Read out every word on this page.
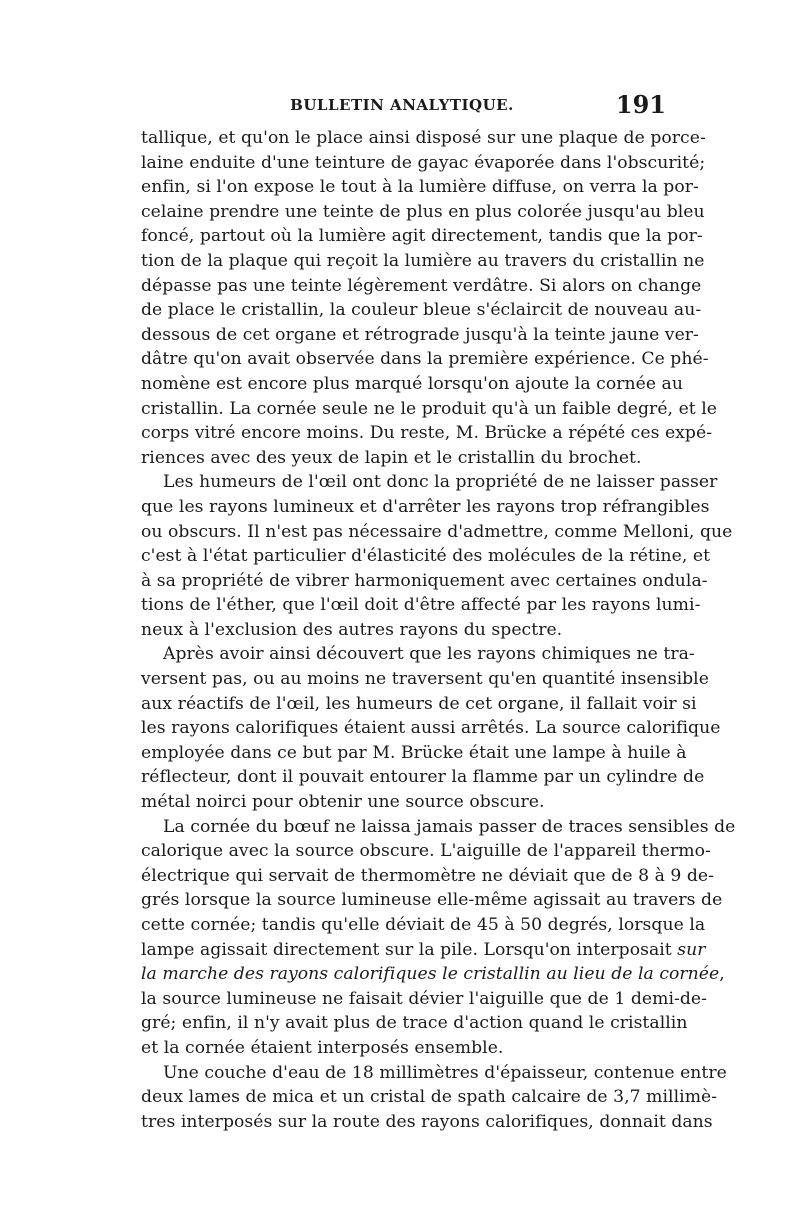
BULLETIN ANALYTIQUE.	191

tallique, et qu'on le place ainsi disposé sur une plaque de porce-
laine enduite d'une teinture de gayac évaporée dans l'obscurité;
enfin, si l'on expose le tout à la lumière diffuse, on verra la por-
celaine prendre une teinte de plus en plus colorée jusqu'au bleu
foncé, partout où la lumière agit directement, tandis que la por-
tion de la plaque qui reçoit la lumière au travers du cristallin ne
dépasse pas une teinte légèrement verdâtre. Si alors on change
de place le cristallin, la couleur bleue s'éclaircit de nouveau au-
dessous de cet organe et rétrograde jusqu'à la teinte jaune ver-
dâtre qu'on avait observée dans la première expérience. Ce phé-
nomène est encore plus marqué lorsqu'on ajoute la cornée au
cristallin. La cornée seule ne le produit qu'à un faible degré, et le
corps vitré encore moins. Du reste, M. Brücke a répété ces expé-
riences avec des yeux de lapin et le cristallin du brochet.

Les humeurs de l'œil ont donc la propriété de ne laisser passer
que les rayons lumineux et d'arrêter les rayons trop réfrangibles
ou obscurs. Il n'est pas nécessaire d'admettre, comme Melloni, que
c'est à l'état particulier d'élasticité des molécules de la rétine, et
à sa propriété de vibrer harmoniquement avec certaines ondula-
tions de l'éther, que l'œil doit d'être affecté par les rayons lumi-
neux à l'exclusion des autres rayons du spectre.

Après avoir ainsi découvert que les rayons chimiques ne tra-
versent pas, ou au moins ne traversent qu'en quantité insensible
aux réactifs de l'œil, les humeurs de cet organe, il fallait voir si
les rayons calorifiques étaient aussi arrêtés. La source calorifique
employée dans ce but par M. Brücke était une lampe à huile à
réflecteur, dont il pouvait entourer la flamme par un cylindre de
métal noirci pour obtenir une source obscure.

La cornée du bœuf ne laissa jamais passer de traces sensibles de
calorique avec la source obscure. L'aiguille de l'appareil thermo-
électrique qui servait de thermomètre ne déviait que de 8 à 9 de-
grés lorsque la source lumineuse elle-même agissait au travers de
cette cornée; tandis qu'elle déviait de 45 à 50 degrés, lorsque la
lampe agissait directement sur la pile. Lorsqu'on interposait sur
la marche des rayons calorifiques le cristallin au lieu de la cornée,
la source lumineuse ne faisait dévier l'aiguille que de 1 demi-de-
gré; enfin, il n'y avait plus de trace d'action quand le cristallin
et la cornée étaient interposés ensemble.

Une couche d'eau de 18 millimètres d'épaisseur, contenue entre
deux lames de mica et un cristal de spath calcaire de 3,7 millimè-
tres interposés sur la route des rayons calorifiques, donnait dans
